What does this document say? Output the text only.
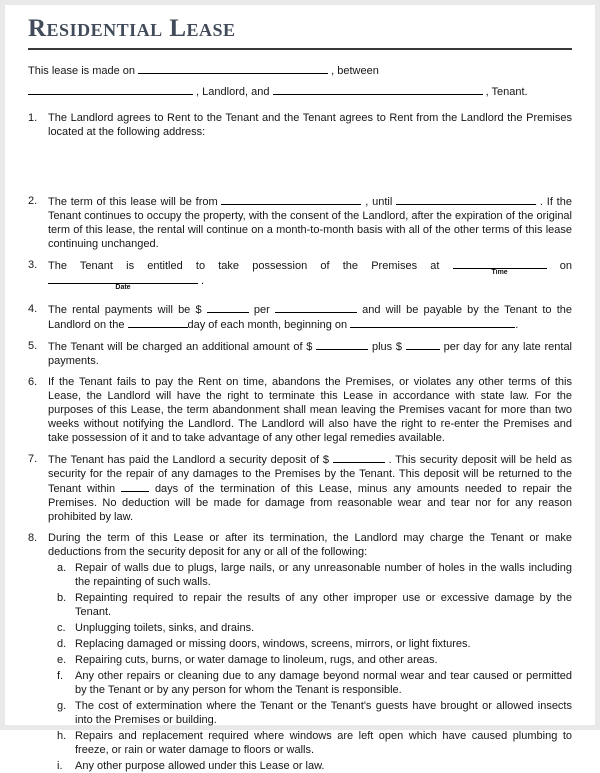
Residential Lease
This lease is made on	, between
, Landlord, and	, Tenant.
1. The Landlord agrees to Rent to the Tenant and the Tenant agrees to Rent from the Landlord the Premises located at the following address:
2. The term of this lease will be from	, until	. If the Tenant continues to occupy the property, with the consent of the Landlord, after the expiration of the original term of this lease, the rental will continue on a month-to-month basis with all of the other terms of this lease continuing unchanged.
3. The Tenant is entitled to take possession of the Premises at
Time
on
Date
.
4. The rental payments will be $	per	and will be payable by the Tenant to the Landlord on the	day of each month, beginning on	.
5. The Tenant will be charged an additional amount of $	plus $	per day for any late rental payments.
6. If the Tenant fails to pay the Rent on time, abandons the Premises, or violates any other terms of this Lease, the Landlord will have the right to terminate this Lease in accordance with state law. For the purposes of this Lease, the term abandonment shall mean leaving the Premises vacant for more than two weeks without notifying the Landlord. The Landlord will also have the right to re-enter the Premises and take possession of it and to take advantage of any other legal remedies available.
7. The Tenant has paid the Landlord a security deposit of $	. This security deposit will be held as security for the repair of any damages to the Premises by the Tenant. This deposit will be returned to the Tenant within	days of the termination of this Lease, minus any amounts needed to repair the Premises. No deduction will be made for damage from reasonable wear and tear nor for any reason prohibited by law.
8. During the term of this Lease or after its termination, the Landlord may charge the Tenant or make deductions from the security deposit for any or all of the following:
a. Repair of walls due to plugs, large nails, or any unreasonable number of holes in the walls including the repainting of such walls.
b. Repainting required to repair the results of any other improper use or excessive damage by the Tenant.
c. Unplugging toilets, sinks, and drains.
d. Replacing damaged or missing doors, windows, screens, mirrors, or light fixtures.
e. Repairing cuts, burns, or water damage to linoleum, rugs, and other areas.
f.	Any other repairs or cleaning due to any damage beyond normal wear and tear caused or permitted by the Tenant or by any person for whom the Tenant is responsible.
g. The cost of extermination where the Tenant or the Tenant's guests have brought or allowed insects into the Premises or building.
h. Repairs and replacement required where windows are left open which have caused plumbing to freeze, or rain or water damage to floors or walls.
i.	Any other purpose allowed under this Lease or law.
